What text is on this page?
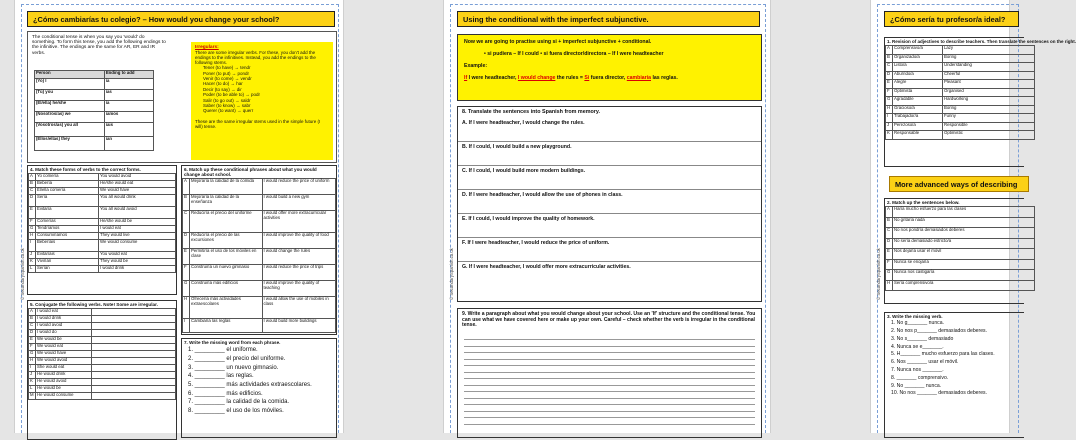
© SecondarySpanish.co.uk
¿Cómo cambiarías tu colegio? – How would you change your school?
The conditional tense is when you say you 'would' do something. To form this tense, you add the following endings to the infinitive. The endings are the same for AR, ER and IR verbs.
Person	Ending to add
(Yo) I	ía
(Tú) you	ías
(Él/ella) he/she	ía
(Nosotros/as) we	íamos
(Vosotros/as) you all	íais
(Ellos/ellas) they	ían
Irregulars:
There are some irregular verbs. For these, you don't add the endings to the infinitives. Instead, you add the endings to the following stems.
Tener (to have) → tendr
Poner (to put) → pondr
Venir (to come) → vendr
Hacer (to do) → har
Decir (to say) → dir
Poder (to be able to) → podr
Salir (to go out) → saldr
Saber (to know) → sabr
Querer (to want) → querr
These are the same irregular stems used in the simple future (I will) tense.
4. Match these forms of verbs to the correct forms.
A	Yo comería	You would avoid
B	Bebería	He/she would eat
C	Él/ella comería	We would have
D	Sería	You all would drink
E	Evitaría	You all would avoid
F	Comerías	He/she would be
G	Tendríamos	I would eat
H	Consumiríamos	They would live
I	Beberíais	We would consume
J	Evitaríais	You would eat
K	Vivirían	They would be
L	Serían	I would drink
5. Conjugate the following verbs. Note! Some are irregular.
A	I would eat	
B	I would drink	
C	I would avoid	
D	I would do	
E	We would be	
F	We would eat	
G	We would have	
H	We would avoid	
I	She would eat	
J	He would drink	
K	He would avoid	
L	He would be	
M	He would consume	
6. Match up these conditional phrases about what you would change about school.
A	Mejoraría la calidad de la comida	I would reduce the price of uniform
B	Mejoraría la calidad de la enseñanza	I would build a new gym
C	Reduciría el precio del uniforme	I would offer more extracurricular activities
D	Reduciría el precio de las excursiones	I would improve the quality of food
E	Permitiría el uso de los móviles en clase	I would change the rules
F	Construiría un nuevo gimnasio	I would reduce the price of trips
G	Construiría más edificios	I would improve the quality of teaching
H	Ofrecería más actividades extraescolares	I would allow the use of mobiles in class
I	Cambiaría las reglas	I would build more buildings
7. Write the missing word from each phrase.
1. _________ el uniforme.
2. _________ el precio del uniforme.
3. _________ un nuevo gimnasio.
4. _________ las reglas.
5. _________ más actividades extraescolares.
6. _________ más edificios.
7. _________ la calidad de la comida.
8. _________ el uso de los móviles.
© SecondarySpanish.co.uk
Using the conditional with the imperfect subjunctive.
Now we are going to practise using si + imperfect subjunctive + conditional.
• si pudiera – If I could • si fuera director/directora – If I were headteacher
Example:
If I were headteacher, I would change the rules = Si fuera director, cambiaría las reglas.
8. Translate the sentences into Spanish from memory.
A. If I were headteacher, I would change the rules.
B. If I could, I would build a new playground.
C. If I could, I would build more modern buildings.
D. If I were headteacher, I would allow the use of phones in class.
E. If I could, I would improve the quality of homework.
F. If I were headteacher, I would reduce the price of uniform.
G. If I were headteacher, I would offer more extracurricular activities.
9. Write a paragraph about what you would change about your school. Use an 'If' structure and the conditional tense. You can use what we have covered here or make up your own. Careful – check whether the verb is irregular in the conditional tense.
© SecondarySpanish.co.uk
¿Cómo sería tu profesor/a ideal?
1. Revision of adjectives to describe teachers. Then translate the sentences on the right.
A	Comprensivo/a	Lazy
B	Organizado/a	Boring
C	Listo/a	Understanding
D	Aburrido/a	Cheerful
E	Alegre	Pleasant
F	Optimista	Organised
G	Agradable	Hardworking
H	Gracioso/a	Boring
I	Trabajador/a	Funny
J	Perezoso/a	Responsible
K	Responsable	Optimistic
More advanced ways of describing
2. Match up the sentences below.
A	Haría mucho esfuerzo para las clases
B	No gritaría nada
C	No nos pondría demasiados deberes
D	No sería demasiado estricto/a
E	Nos dejaría usar el móvil
F	Nunca se enojaría
G	Nunca nos castigaría
H	Sería comprensivo/a
3. Write the missing verb.
1. No g_______ nunca.
2. No nos p_______ demasiados deberes.
3. No s_______ demasiado
4. Nunca se e_______.
5. H_______ mucho esfuerzo para las clases.
6. Nos _______ usar el móvil.
7. Nunca nos _______.
8. _______ comprensivo.
9. No _______ nunca.
10. No nos _______ demasiados deberes.
